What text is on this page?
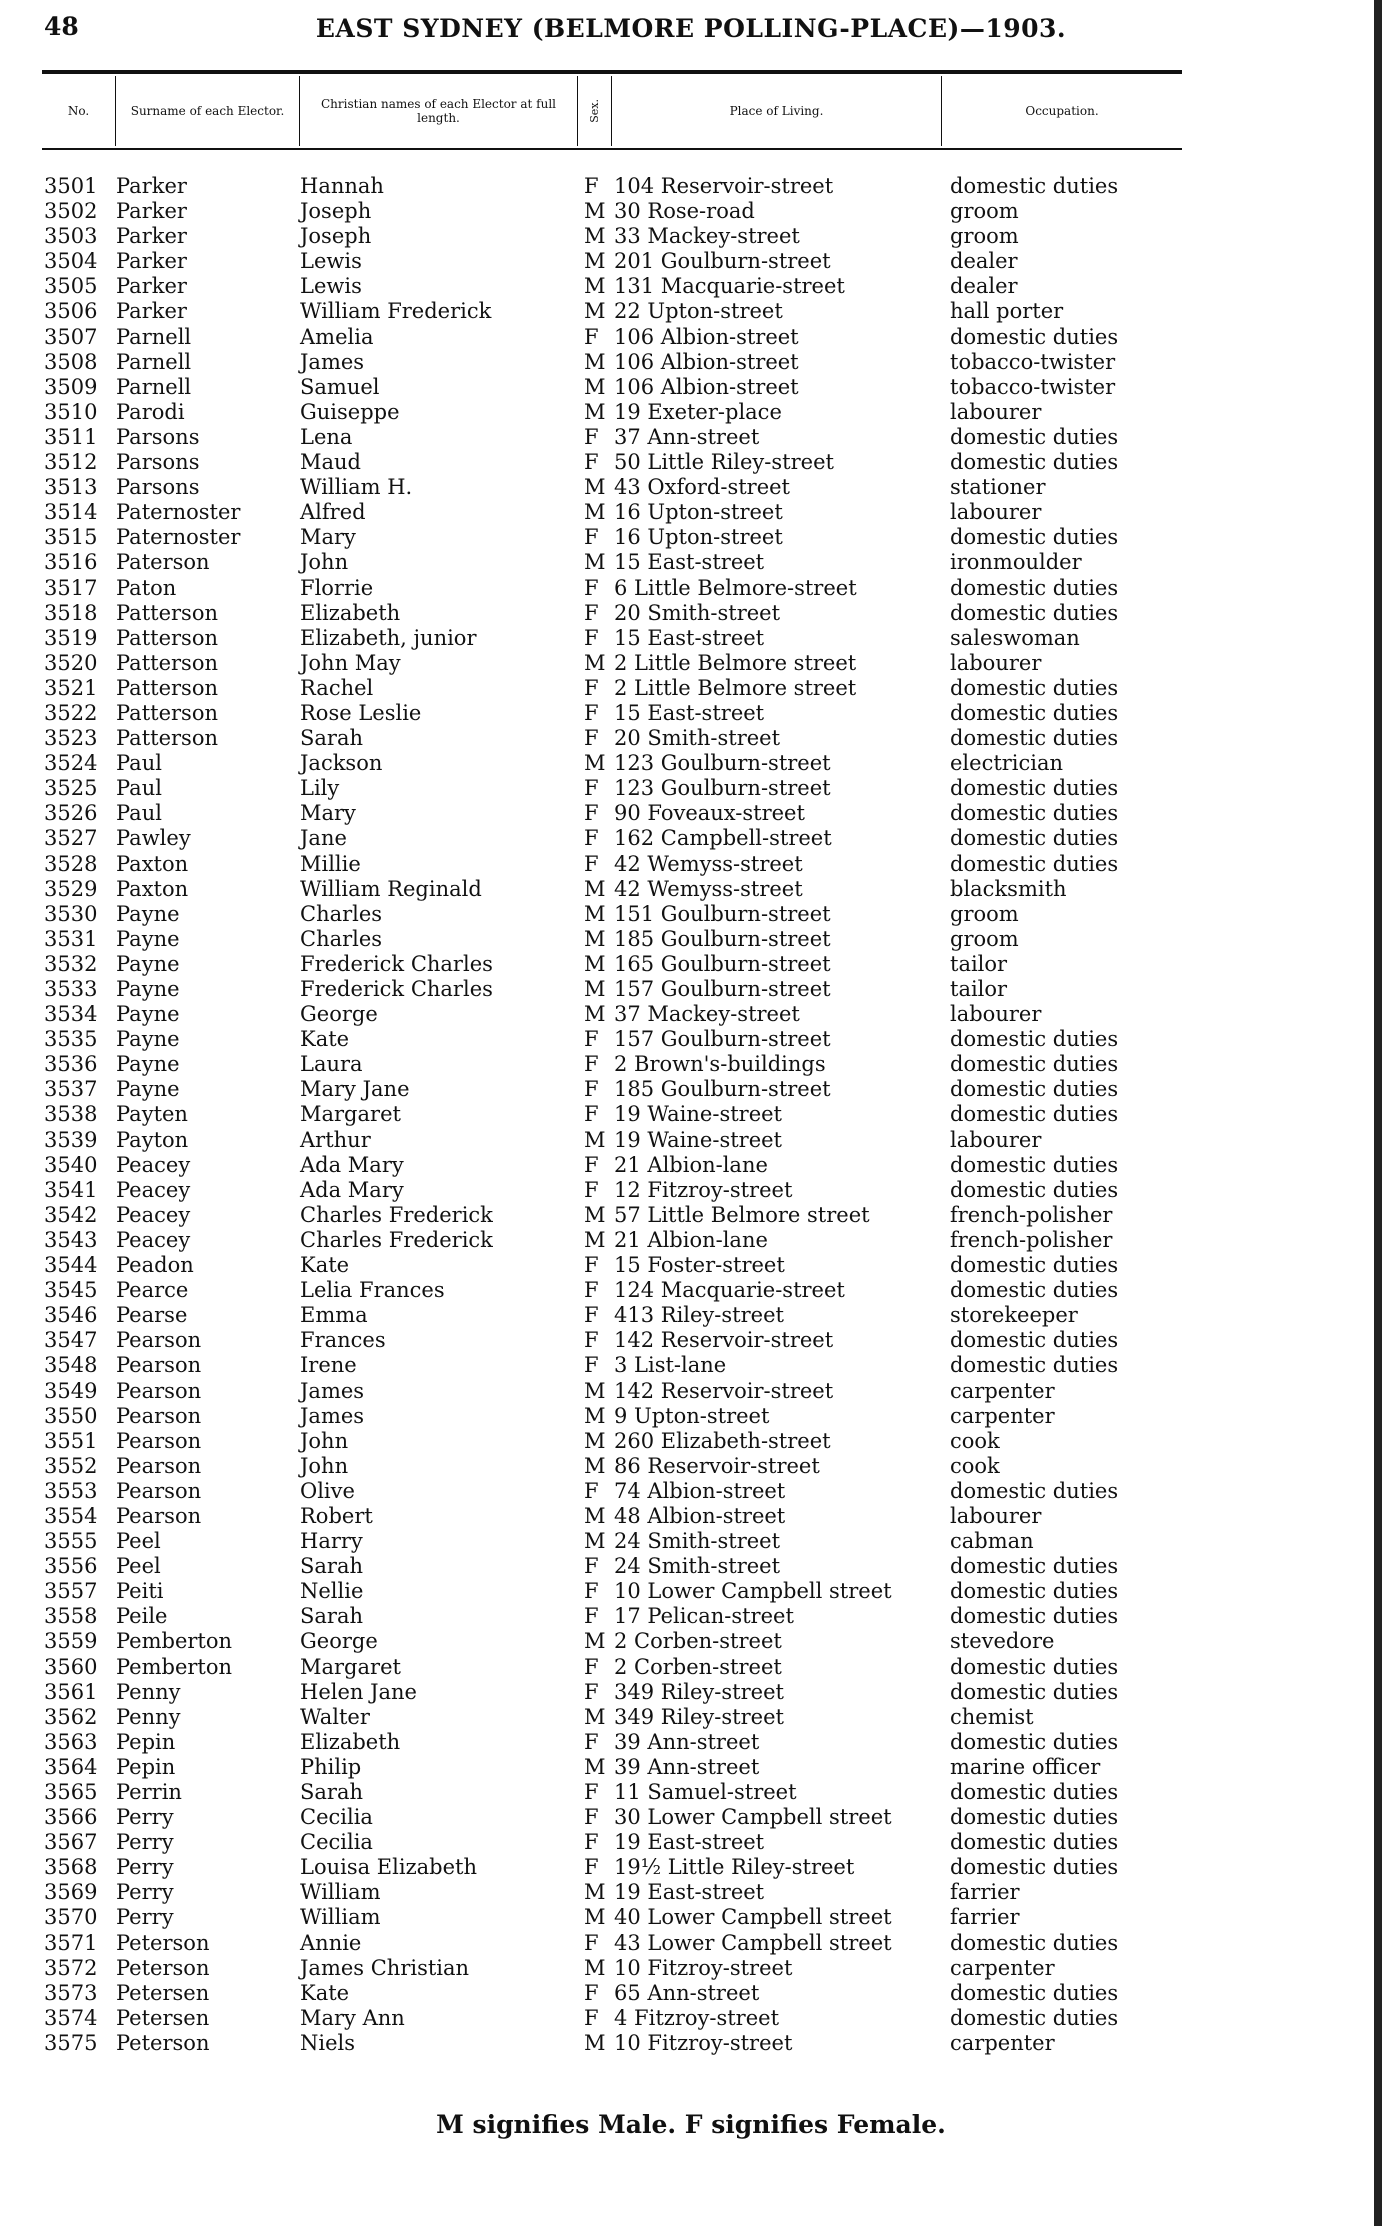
48	EAST SYDNEY (BELMORE POLLING-PLACE)—1903.
No.	Surname of each Elector.	Christian names of each Elector at full length.	Sex.	Place of Living.	Occupation.
3501 Parker	Hannah	F 104 Reservoir-street	domestic duties
3502 Parker	Joseph	M 30 Rose-road	groom
3503 Parker	Joseph	M 33 Mackey-street	groom
3504 Parker	Lewis	M 201 Goulburn-street	dealer
3505 Parker	Lewis	M 131 Macquarie-street	dealer
3506 Parker	William Frederick	M 22 Upton-street	hall porter
3507 Parnell	Amelia	F 106 Albion-street	domestic duties
3508 Parnell	James	M 106 Albion-street	tobacco-twister
3509 Parnell	Samuel	M 106 Albion-street	tobacco-twister
3510 Parodi	Guiseppe	M 19 Exeter-place	labourer
3511 Parsons	Lena	F 37 Ann-street	domestic duties
3512 Parsons	Maud	F 50 Little Riley-street	domestic duties
3513 Parsons	William H.	M 43 Oxford-street	stationer
3514 Paternoster	Alfred	M 16 Upton-street	labourer
3515 Paternoster	Mary	F 16 Upton-street	domestic duties
3516 Paterson	John	M 15 East-street	ironmoulder
3517 Paton	Florrie	F 6 Little Belmore-street	domestic duties
3518 Patterson	Elizabeth	F 20 Smith-street	domestic duties
3519 Patterson	Elizabeth, junior	F 15 East-street	saleswoman
3520 Patterson	John May	M 2 Little Belmore street	labourer
3521 Patterson	Rachel	F 2 Little Belmore street	domestic duties
3522 Patterson	Rose Leslie	F 15 East-street	domestic duties
3523 Patterson	Sarah	F 20 Smith-street	domestic duties
3524 Paul	Jackson	M 123 Goulburn-street	electrician
3525 Paul	Lily	F 123 Goulburn-street	domestic duties
3526 Paul	Mary	F 90 Foveaux-street	domestic duties
3527 Pawley	Jane	F 162 Campbell-street	domestic duties
3528 Paxton	Millie	F 42 Wemyss-street	domestic duties
3529 Paxton	William Reginald	M 42 Wemyss-street	blacksmith
3530 Payne	Charles	M 151 Goulburn-street	groom
3531 Payne	Charles	M 185 Goulburn-street	groom
3532 Payne	Frederick Charles	M 165 Goulburn-street	tailor
3533 Payne	Frederick Charles	M 157 Goulburn-street	tailor
3534 Payne	George	M 37 Mackey-street	labourer
3535 Payne	Kate	F 157 Goulburn-street	domestic duties
3536 Payne	Laura	F 2 Brown's-buildings	domestic duties
3537 Payne	Mary Jane	F 185 Goulburn-street	domestic duties
3538 Payten	Margaret	F 19 Waine-street	domestic duties
3539 Payton	Arthur	M 19 Waine-street	labourer
3540 Peacey	Ada Mary	F 21 Albion-lane	domestic duties
3541 Peacey	Ada Mary	F 12 Fitzroy-street	domestic duties
3542 Peacey	Charles Frederick	M 57 Little Belmore street	french-polisher
3543 Peacey	Charles Frederick	M 21 Albion-lane	french-polisher
3544 Peadon	Kate	F 15 Foster-street	domestic duties
3545 Pearce	Lelia Frances	F 124 Macquarie-street	domestic duties
3546 Pearse	Emma	F 413 Riley-street	storekeeper
3547 Pearson	Frances	F 142 Reservoir-street	domestic duties
3548 Pearson	Irene	F 3 List-lane	domestic duties
3549 Pearson	James	M 142 Reservoir-street	carpenter
3550 Pearson	James	M 9 Upton-street	carpenter
3551 Pearson	John	M 260 Elizabeth-street	cook
3552 Pearson	John	M 86 Reservoir-street	cook
3553 Pearson	Olive	F 74 Albion-street	domestic duties
3554 Pearson	Robert	M 48 Albion-street	labourer
3555 Peel	Harry	M 24 Smith-street	cabman
3556 Peel	Sarah	F 24 Smith-street	domestic duties
3557 Peiti	Nellie	F 10 Lower Campbell street	domestic duties
3558 Peile	Sarah	F 17 Pelican-street	domestic duties
3559 Pemberton	George	M 2 Corben-street	stevedore
3560 Pemberton	Margaret	F 2 Corben-street	domestic duties
3561 Penny	Helen Jane	F 349 Riley-street	domestic duties
3562 Penny	Walter	M 349 Riley-street	chemist
3563 Pepin	Elizabeth	F 39 Ann-street	domestic duties
3564 Pepin	Philip	M 39 Ann-street	marine officer
3565 Perrin	Sarah	F 11 Samuel-street	domestic duties
3566 Perry	Cecilia	F 30 Lower Campbell street	domestic duties
3567 Perry	Cecilia	F 19 East-street	domestic duties
3568 Perry	Louisa Elizabeth	F 19½ Little Riley-street	domestic duties
3569 Perry	William	M 19 East-street	farrier
3570 Perry	William	M 40 Lower Campbell street	farrier
3571 Peterson	Annie	F 43 Lower Campbell street	domestic duties
3572 Peterson	James Christian	M 10 Fitzroy-street	carpenter
3573 Petersen	Kate	F 65 Ann-street	domestic duties
3574 Petersen	Mary Ann	F 4 Fitzroy-street	domestic duties
3575 Peterson	Niels	M 10 Fitzroy-street	carpenter
M signifies Male. F signifies Female.
